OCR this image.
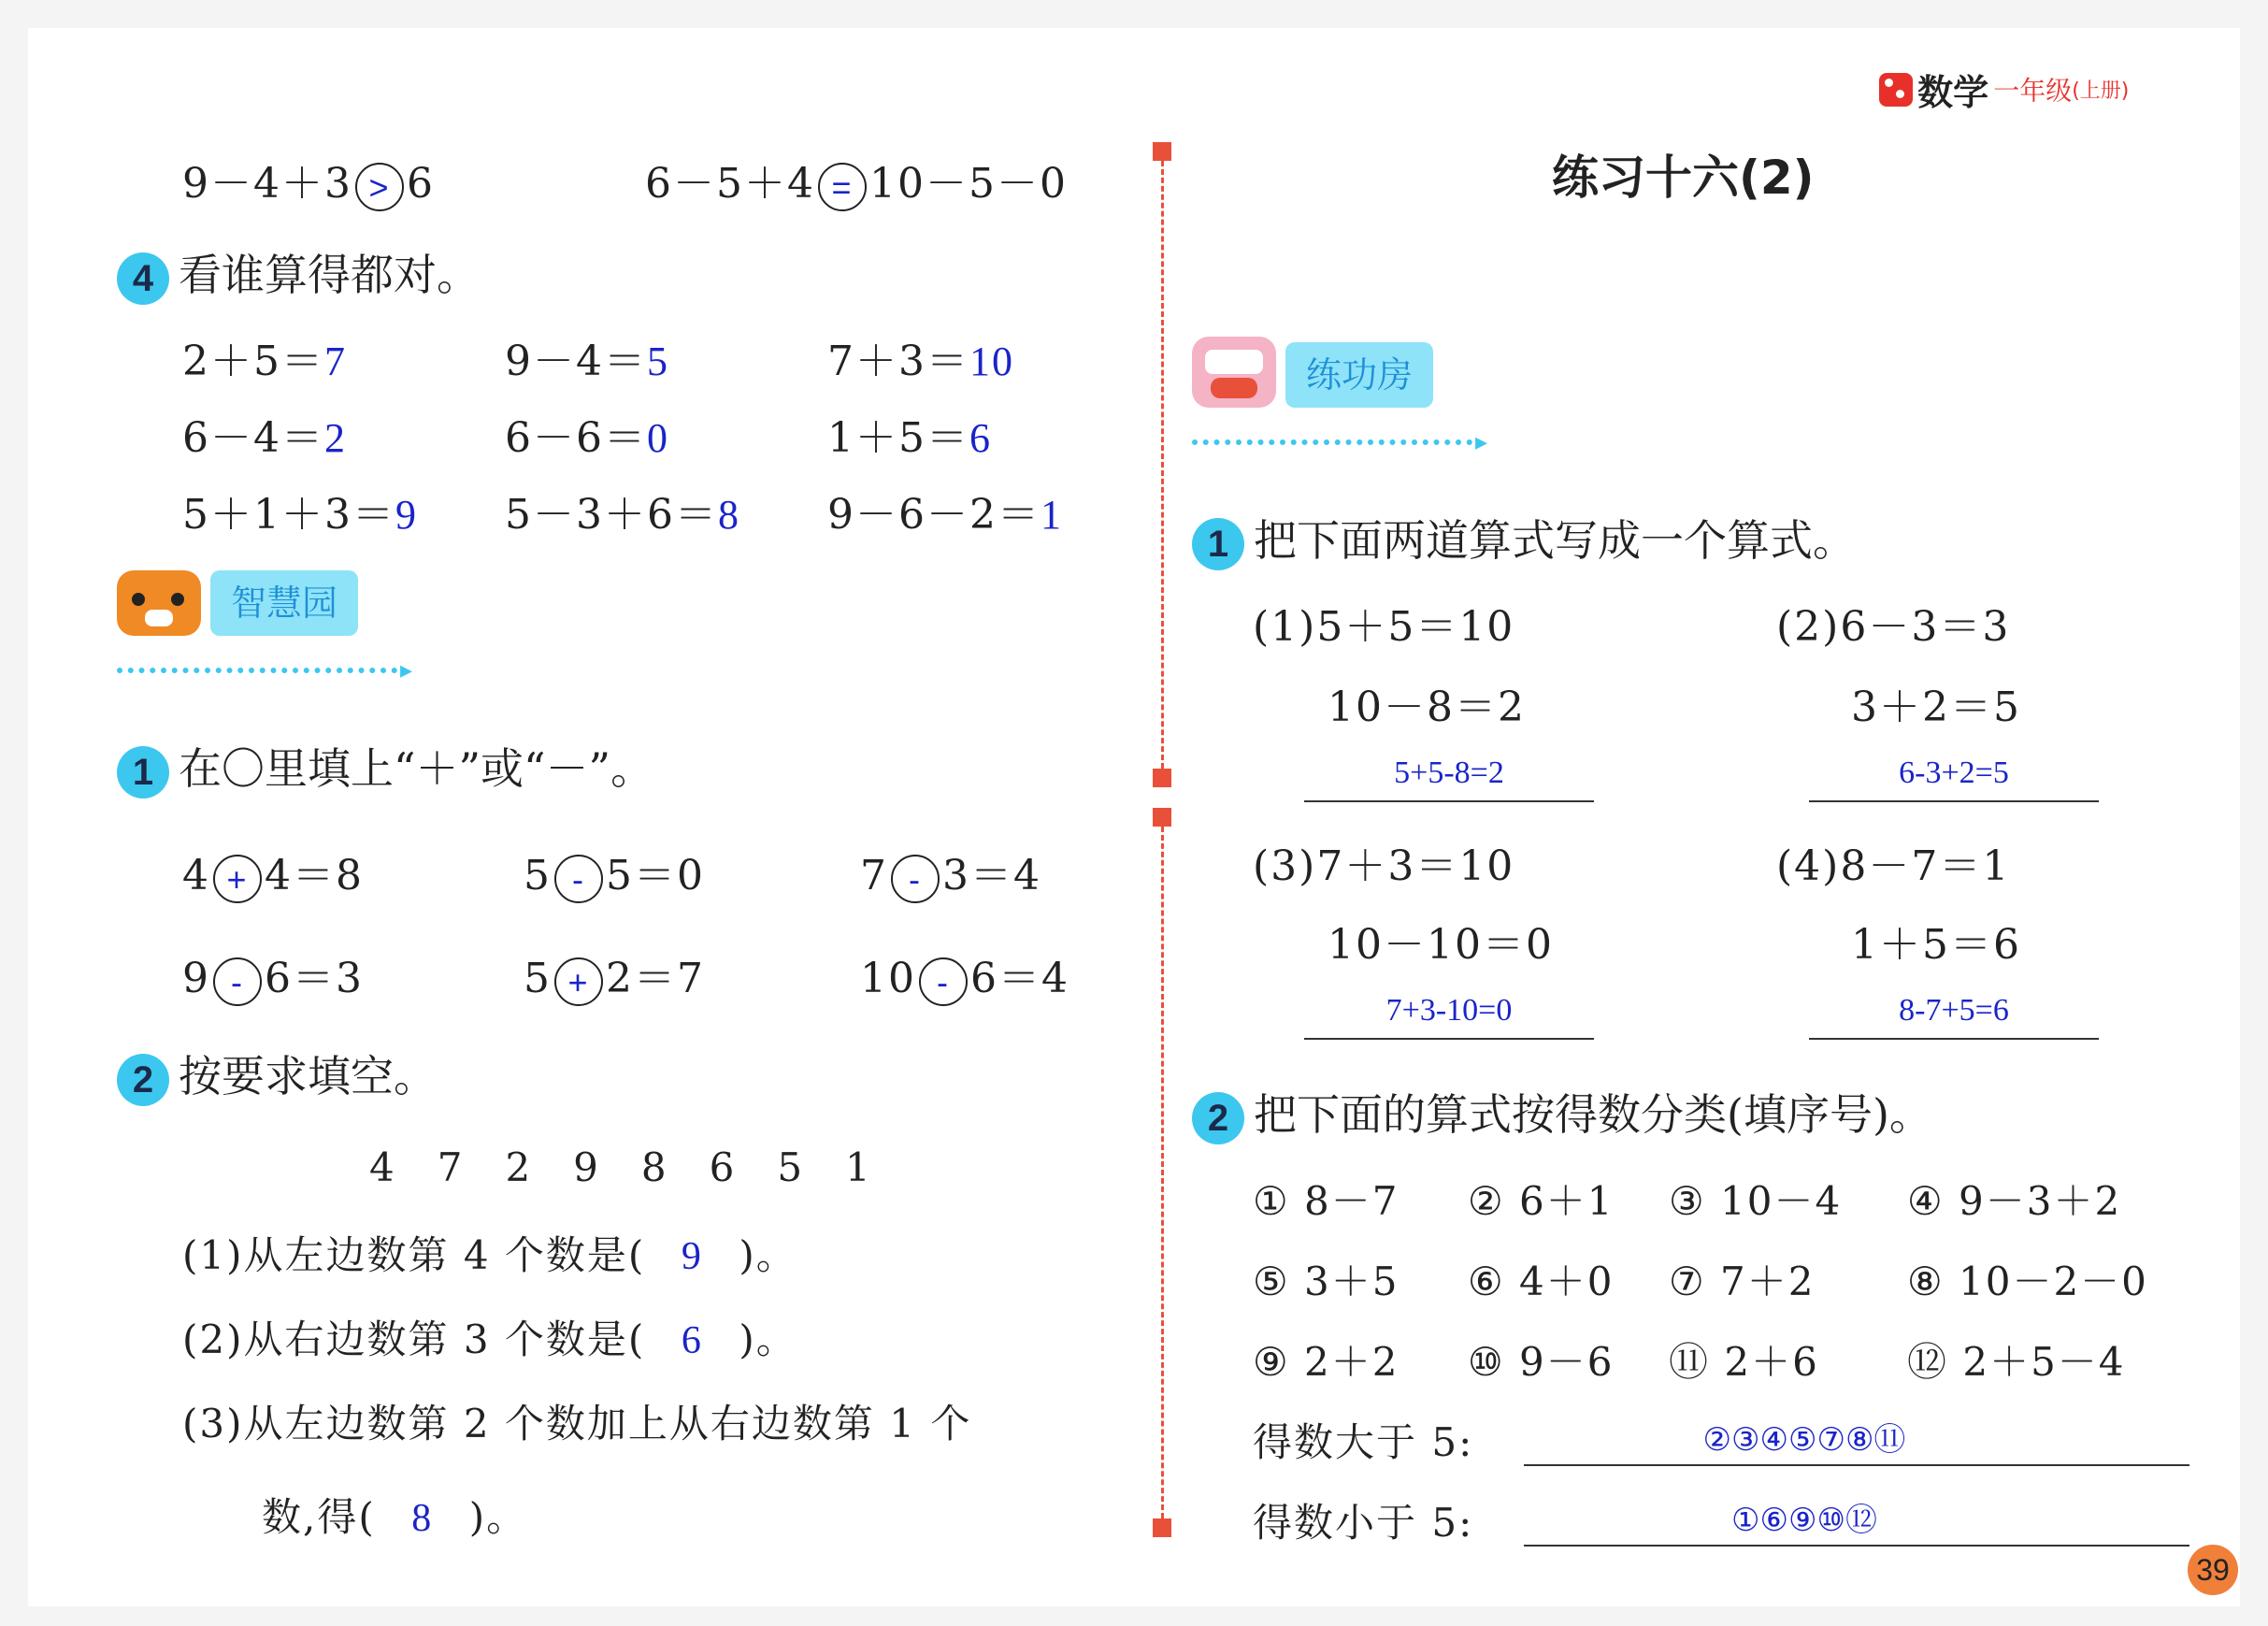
数学 一年级(上册)
9－4＋3 > 6	6－5＋4 = 10－5－0
4 看谁算得都对。
2＋5＝7	9－4＝5	7＋3＝10
6－4＝2	6－6＝0	1＋5＝6
5＋1＋3＝9 5－3＋6＝8 9－6－2＝1
智慧园
▸
1 在〇里填上“＋”或“－”。
4 + 4＝8	5 - 5＝0	7 - 3＝4
9 - 6＝3	5 + 2＝7	10 - 6＝4
2 按要求填空。
4　7　2　9　8　6　5　1
(1)从左边数第 4 个数是( 9 )。
(2)从右边数第 3 个数是( 6 )。
(3)从左边数第 2 个数加上从右边数第 1 个
数,得( 8 )。
练习十六(2)
练功房
▸
1 把下面两道算式写成一个算式。
(1)5＋5＝10
10－8＝2
5+5-8=2
(2)6－3＝3
3＋2＝5
6-3+2=5
(3)7＋3＝10
10－10＝0
7+3-10=0
(4)8－7＝1
1＋5＝6
8-7+5=6
2 把下面的算式按得数分类(填序号)。
① 8－7 ② 6＋1 ③ 10－4 ④ 9－3＋2
⑤ 3＋5 ⑥ 4＋0 ⑦ 7＋2 ⑧ 10－2－0
⑨ 2＋2 ⑩ 9－6 ⑪ 2＋6 ⑫ 2＋5－4
得数大于 5:	②③④⑤⑦⑧⑪
得数小于 5:	①⑥⑨⑩⑫
39
